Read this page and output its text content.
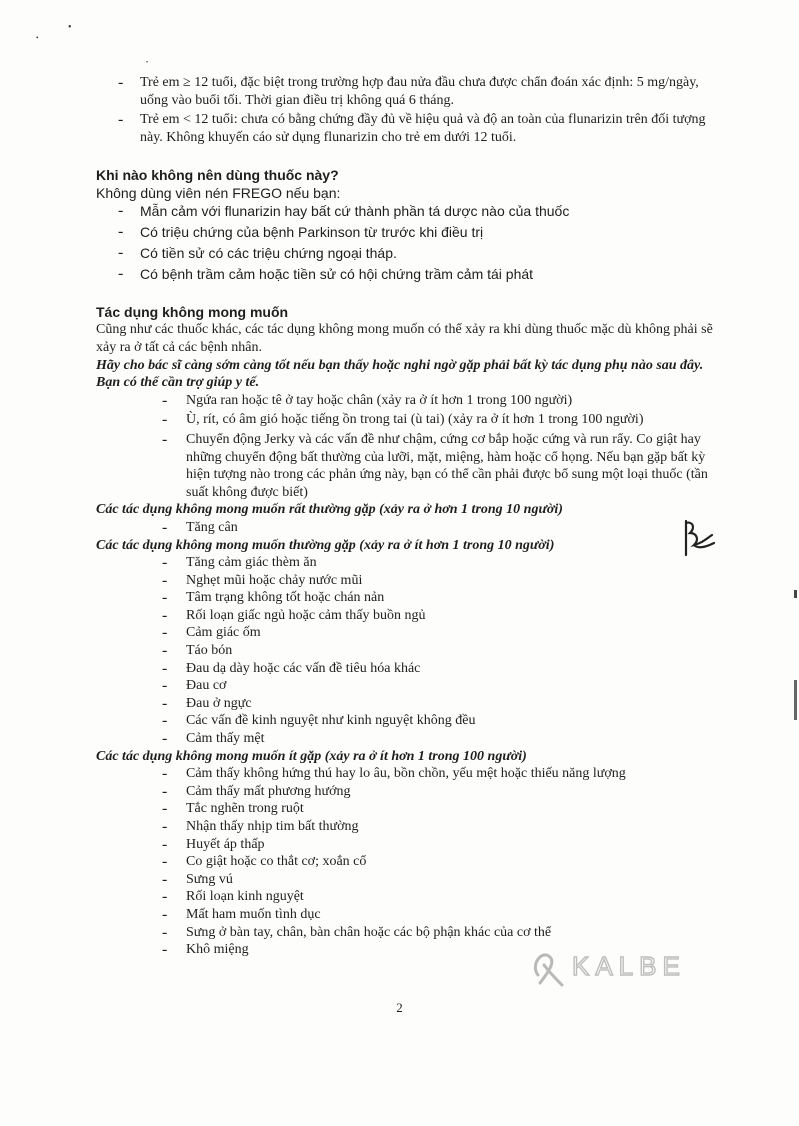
- Trẻ em ≥ 12 tuổi, đặc biệt trong trường hợp đau nửa đầu chưa được chẩn đoán xác định: 5 mg/ngày, uống vào buổi tối. Thời gian điều trị không quá 6 tháng.

- Trẻ em < 12 tuổi: chưa có bằng chứng đầy đủ về hiệu quả và độ an toàn của flunarizin trên đối tượng này. Không khuyến cáo sử dụng flunarizin cho trẻ em dưới 12 tuổi.

Khi nào không nên dùng thuốc này?

Không dùng viên nén FREGO nếu bạn:

- Mẫn cảm với flunarizin hay bất cứ thành phần tá dược nào của thuốc

- Có triệu chứng của bệnh Parkinson từ trước khi điều trị

- Có tiền sử có các triệu chứng ngoại tháp.

- Có bệnh trầm cảm hoặc tiền sử có hội chứng trầm cảm tái phát

Tác dụng không mong muốn

Cũng như các thuốc khác, các tác dụng không mong muốn có thể xảy ra khi dùng thuốc mặc dù không phải sẽ xảy ra ở tất cả các bệnh nhân.

Hãy cho bác sĩ càng sớm càng tốt nếu bạn thấy hoặc nghi ngờ gặp phải bất kỳ tác dụng phụ nào sau đây. Bạn có thể cần trợ giúp y tế.

- Ngứa ran hoặc tê ở tay hoặc chân (xảy ra ở ít hơn 1 trong 100 người)

- Ù, rít, có âm gió hoặc tiếng ồn trong tai (ù tai) (xảy ra ở ít hơn 1 trong 100 người)

- Chuyển động Jerky và các vấn đề như chậm, cứng cơ bắp hoặc cứng và run rẩy. Co giật hay những chuyển động bất thường của lưỡi, mặt, miệng, hàm hoặc cổ họng. Nếu bạn gặp bất kỳ hiện tượng nào trong các phản ứng này, bạn có thể cần phải được bổ sung một loại thuốc (tần suất không được biết)

Các tác dụng không mong muốn rất thường gặp (xảy ra ở hơn 1 trong 10 người)

- Tăng cân

Các tác dụng không mong muốn thường gặp (xảy ra ở ít hơn 1 trong 10 người)

- Tăng cảm giác thèm ăn

- Nghẹt mũi hoặc chảy nước mũi

- Tâm trạng không tốt hoặc chán nản

- Rối loạn giấc ngủ hoặc cảm thấy buồn ngủ

- Cảm giác ốm

- Táo bón

- Đau dạ dày hoặc các vấn đề tiêu hóa khác

- Đau cơ

- Đau ở ngực

- Các vấn đề kinh nguyệt như kinh nguyệt không đều

- Cảm thấy mệt

Các tác dụng không mong muốn ít gặp (xảy ra ở ít hơn 1 trong 100 người)

- Cảm thấy không hứng thú hay lo âu, bồn chồn, yếu mệt hoặc thiếu năng lượng

- Cảm thấy mất phương hướng

- Tắc nghẽn trong ruột

- Nhận thấy nhịp tim bất thường

- Huyết áp thấp

- Co giật hoặc co thắt cơ; xoắn cổ

- Sưng vú

- Rối loạn kinh nguyệt

- Mất ham muốn tình dục

- Sưng ở bàn tay, chân, bàn chân hoặc các bộ phận khác của cơ thể

- Khô miệng

•
•
•
KALBE
2
